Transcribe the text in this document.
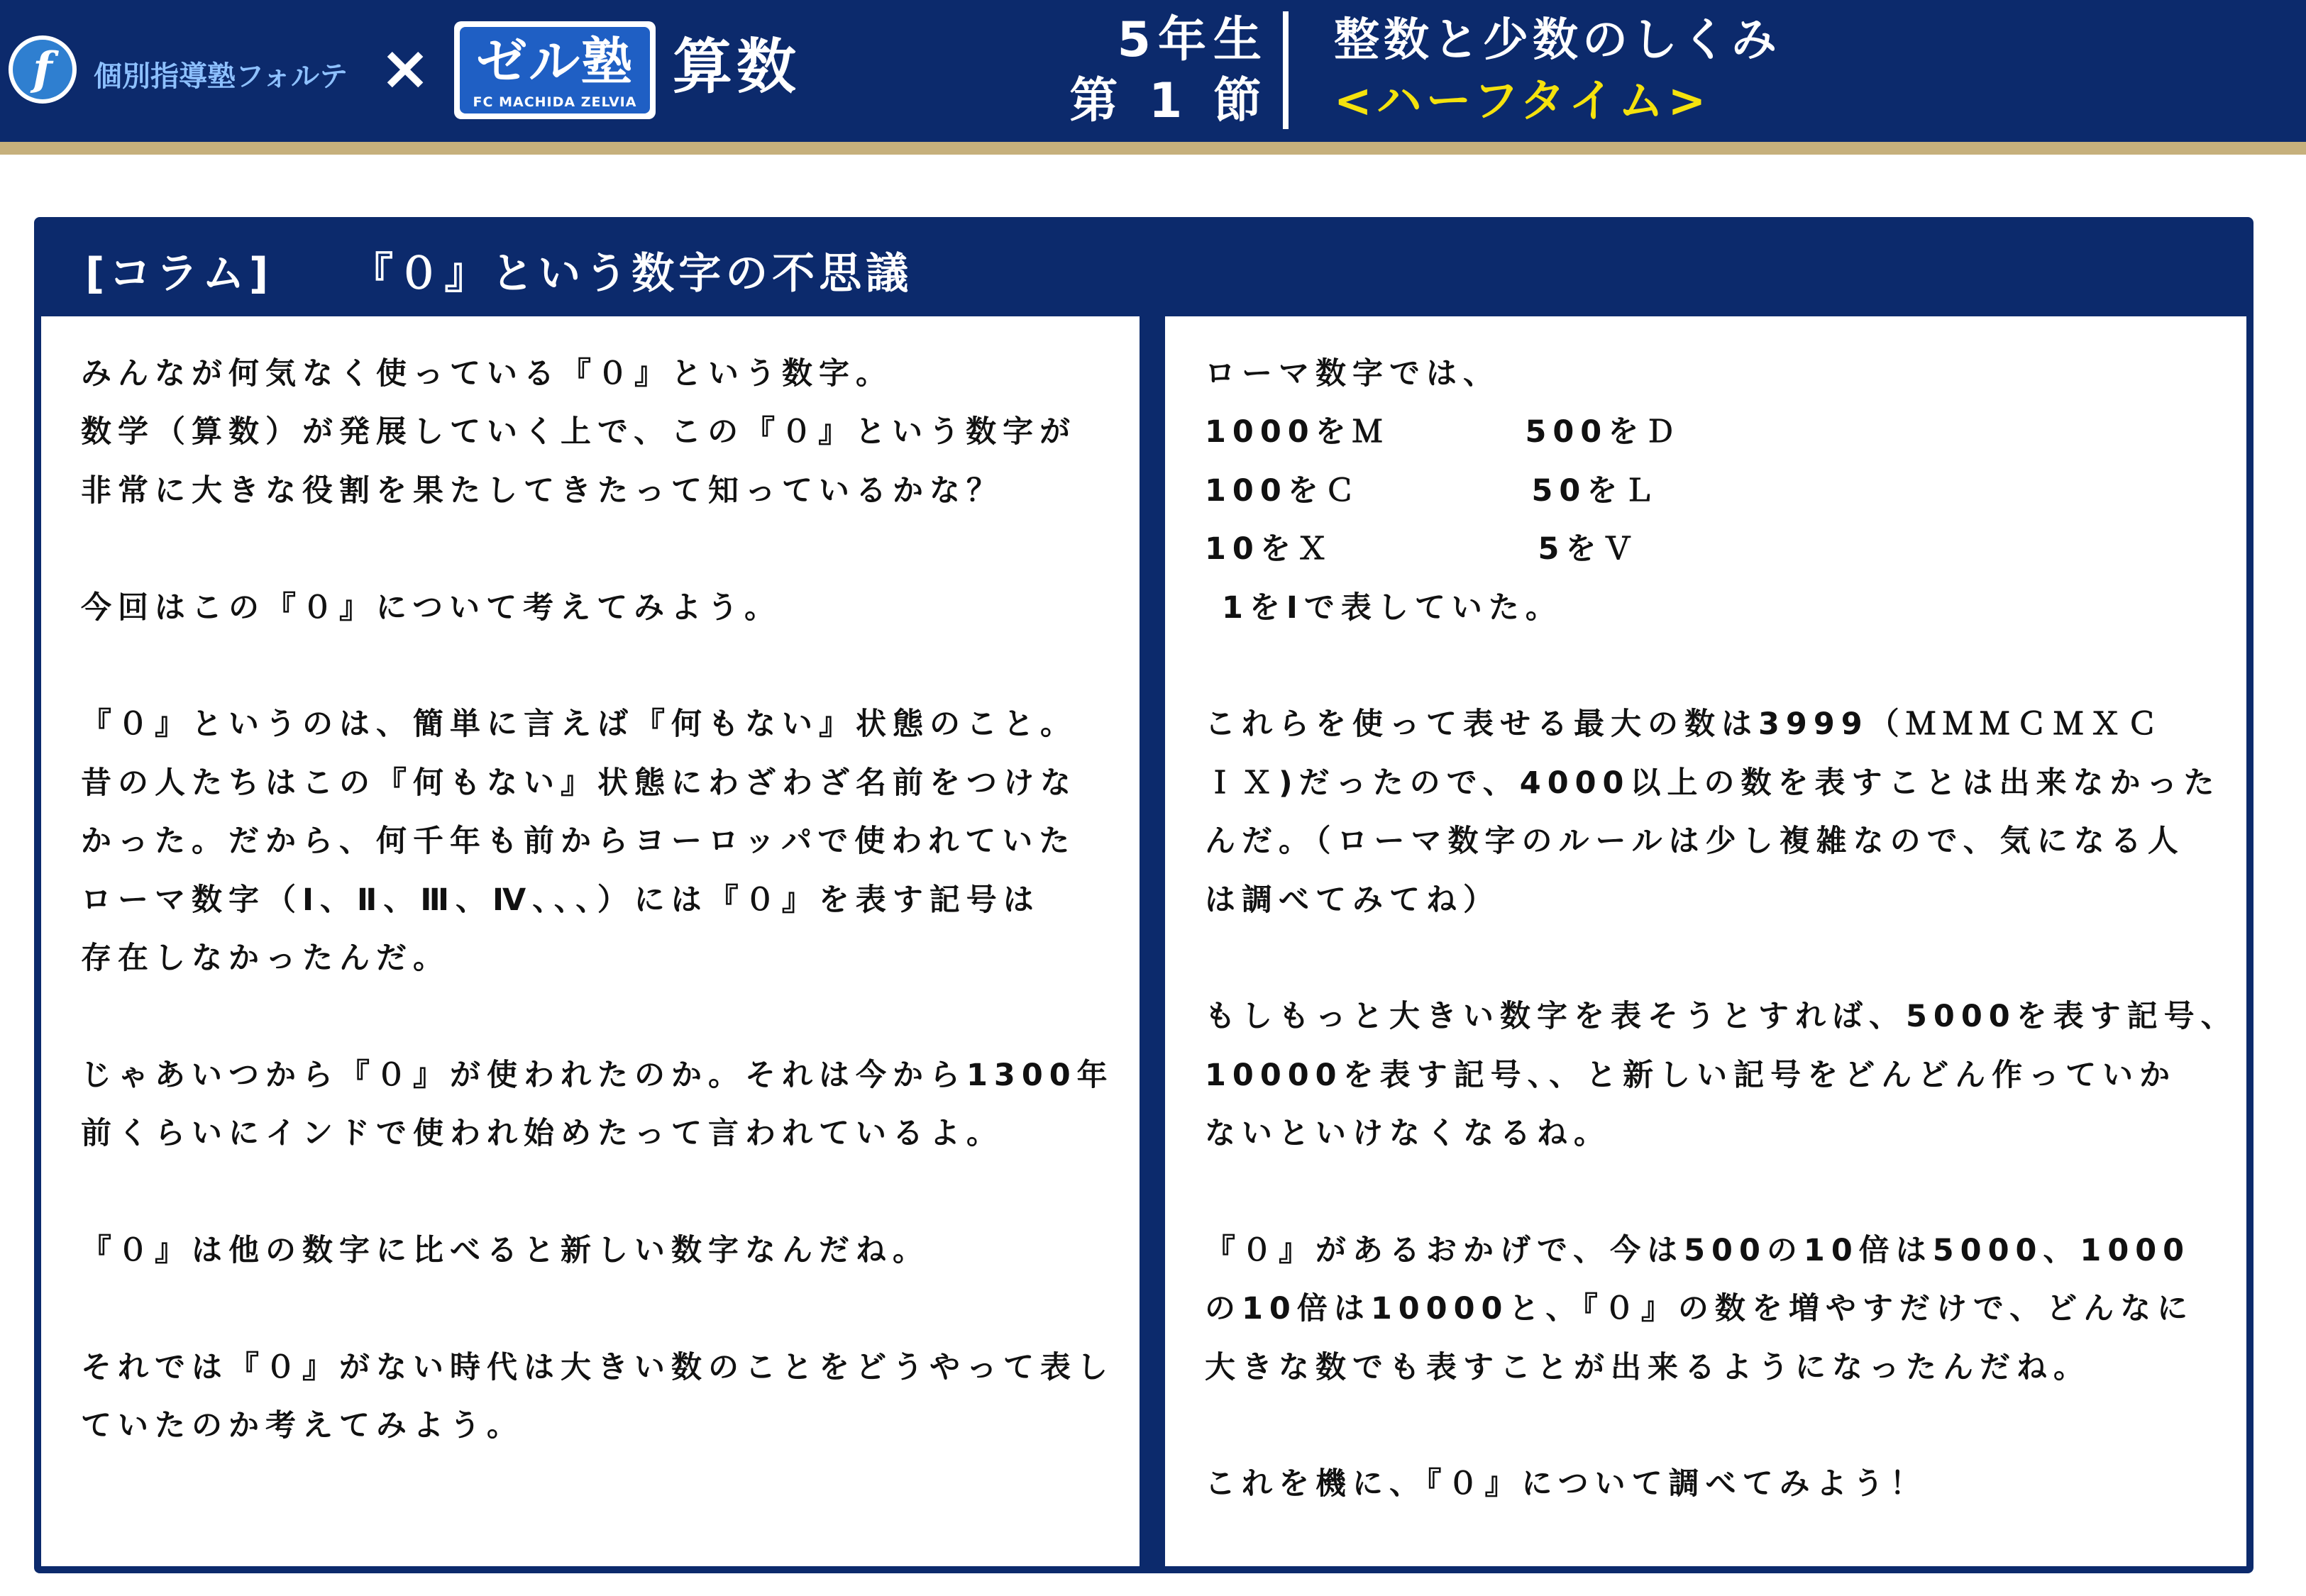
f	個別指導塾フォルテ × ゼル塾
FC MACHIDA ZELVIA
算数	5年生
第 1 節
整数と少数のしくみ
<ハーフタイム>
[コラム] 『０』という数字の不思議
みんなが何気なく使っている『０』という数字。
数学（算数）が発展していく上で、この『０』という数字が
非常に大きな役割を果たしてきたって知っているかな？
今回はこの『０』について考えてみよう。
『０』というのは、簡単に言えば『何もない』状態のこと。
昔の人たちはこの『何もない』状態にわざわざ名前をつけな
かった。だから、何千年も前からヨーロッパで使われていた
ローマ数字（Ⅰ、Ⅱ、Ⅲ、Ⅳ、、、）には『０』を表す記号は
存在しなかったんだ。
じゃあいつから『０』が使われたのか。それは今から1300年
前くらいにインドで使われ始めたって言われているよ。
『０』は他の数字に比べると新しい数字なんだね。
それでは『０』がない時代は大きい数のことをどうやって表し
ていたのか考えてみよう。
ローマ数字では、
1000をＭ        500をＤ
100をＣ          50をＬ
10をＸ            5をＶ
1をⅠで表していた。
これらを使って表せる最大の数は3999（ＭＭＭＣＭＸＣ
ＩＸ)だったので、4000以上の数を表すことは出来なかった
んだ。（ローマ数字のルールは少し複雑なので、気になる人
は調べてみてね）
もしもっと大きい数字を表そうとすれば、5000を表す記号、
10000を表す記号、、と新しい記号をどんどん作っていか
ないといけなくなるね。
『０』があるおかげで、今は500の10倍は5000、1000
の10倍は10000と、『０』の数を増やすだけで、どんなに
大きな数でも表すことが出来るようになったんだね。
これを機に、『０』について調べてみよう！
